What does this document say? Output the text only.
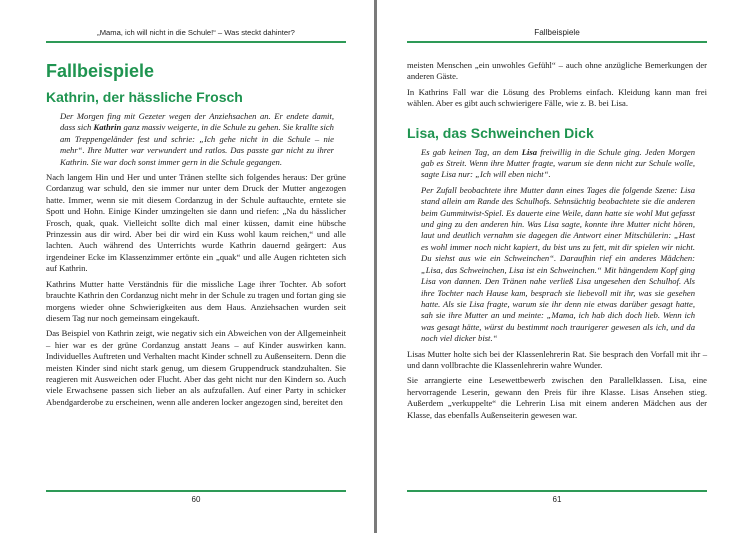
„Mama, ich will nicht in die Schule!“ – Was steckt dahinter?
Fallbeispiele
Kathrin, der hässliche Frosch

Der Morgen fing mit Gezeter wegen der Anziehsachen an. Er endete damit, dass sich Kathrin ganz massiv weigerte, in die Schule zu gehen. Sie krallte sich am Treppengeländer fest und schrie: „Ich gehe nicht in die Schule – nie mehr“. Ihre Mutter war verwundert und ratlos. Das passte gar nicht zu ihrer Kathrin. Sie war doch sonst immer gern in die Schule gegangen.

Nach langem Hin und Her und unter Tränen stellte sich folgendes heraus: Der grüne Cordanzug war schuld, den sie immer nur unter dem Druck der Mutter angezogen hatte. Immer, wenn sie mit diesem Cordanzug in der Schule auftauchte, erntete sie Spott und Hohn. Einige Kinder umzingelten sie dann und riefen: „Na du hässlicher Frosch, quak, quak. Vielleicht sollte dich mal einer küssen, damit eine hübsche Prinzessin aus dir wird. Aber bei dir wird ein Kuss wohl kaum reichen,“ und alle lachten. Auch während des Unterrichts wurde Kathrin dauernd geärgert: Aus irgendeiner Ecke im Klassenzimmer ertönte ein „quak“ und alle Augen richteten sich auf Kathrin.

Kathrins Mutter hatte Verständnis für die missliche Lage ihrer Tochter. Ab sofort brauchte Kathrin den Cordanzug nicht mehr in der Schule zu tragen und fortan ging sie morgens wieder ohne Schwierigkeiten aus dem Haus. Anziehsachen wurden seit diesem Tag nur noch gemeinsam eingekauft.

Das Beispiel von Kathrin zeigt, wie negativ sich ein Abweichen von der Allgemeinheit – hier war es der grüne Cordanzug anstatt Jeans – auf Kinder auswirken kann. Individuelles Auftreten und Verhalten macht Kinder schnell zu Außenseitern. Denn die meisten Kinder sind nicht stark genug, um diesem Gruppendruck standzuhalten. Sie reagieren mit Ausweichen oder Flucht. Aber das geht nicht nur den Kindern so. Auch viele Erwachsene passen sich lieber an als aufzufallen. Auf einer Party in schicker Abendgarderobe zu erscheinen, wenn alle anderen locker angezogen sind, bereitet den

60
Fallbeispiele

meisten Menschen „ein unwohles Gefühl“ – auch ohne anzügliche Bemerkungen der anderen Gäste.

In Kathrins Fall war die Lösung des Problems einfach. Kleidung kann man frei wählen. Aber es gibt auch schwierigere Fälle, wie z. B. bei Lisa.

Lisa, das Schweinchen Dick

Es gab keinen Tag, an dem Lisa freiwillig in die Schule ging. Jeden Morgen gab es Streit. Wenn ihre Mutter fragte, warum sie denn nicht zur Schule wolle, sagte Lisa nur: „Ich will eben nicht“.

Per Zufall beobachtete ihre Mutter dann eines Tages die folgende Szene: Lisa stand allein am Rande des Schulhofs. Sehnsüchtig beobachtete sie die anderen beim Gummitwist-Spiel. Es dauerte eine Weile, dann hatte sie wohl Mut gefasst und ging zu den anderen hin. Was Lisa sagte, konnte ihre Mutter nicht hören, laut und deutlich vernahm sie dagegen die Antwort einer Mitschülerin: „Hast es wohl immer noch nicht kapiert, du bist uns zu fett, mit dir spielen wir nicht. Du siehst aus wie ein Schweinchen“. Daraufhin rief ein anderes Mädchen: „Lisa, das Schweinchen, Lisa ist ein Schweinchen.“ Mit hängendem Kopf ging Lisa von dannen. Den Tränen nahe verließ Lisa ungesehen den Schulhof. Als ihre Tochter nach Hause kam, besprach sie liebevoll mit ihr, was sie gesehen hatte. Als sie Lisa fragte, warum sie ihr denn nie etwas darüber gesagt hatte, sah sie ihre Mutter an und meinte: „Mama, ich hab dich doch lieb. Wenn ich was gesagt hätte, würst du bestimmt noch traurigerer gewesen als ich, und da noch viel dicker bist.“

Lisas Mutter holte sich bei der Klassenlehrerin Rat. Sie besprach den Vorfall mit ihr – und dann vollbrachte die Klassenlehrerin wahre Wunder.

Sie arrangierte eine Lesewettbewerb zwischen den Parallelklassen. Lisa, eine hervorragende Leserin, gewann den Preis für ihre Klasse. Lisas Ansehen stieg. Außerdem „verkuppelte“ die Lehrerin Lisa mit einem anderen Mädchen aus der Klasse, das ebenfalls Außenseiterin gewesen war.

61
